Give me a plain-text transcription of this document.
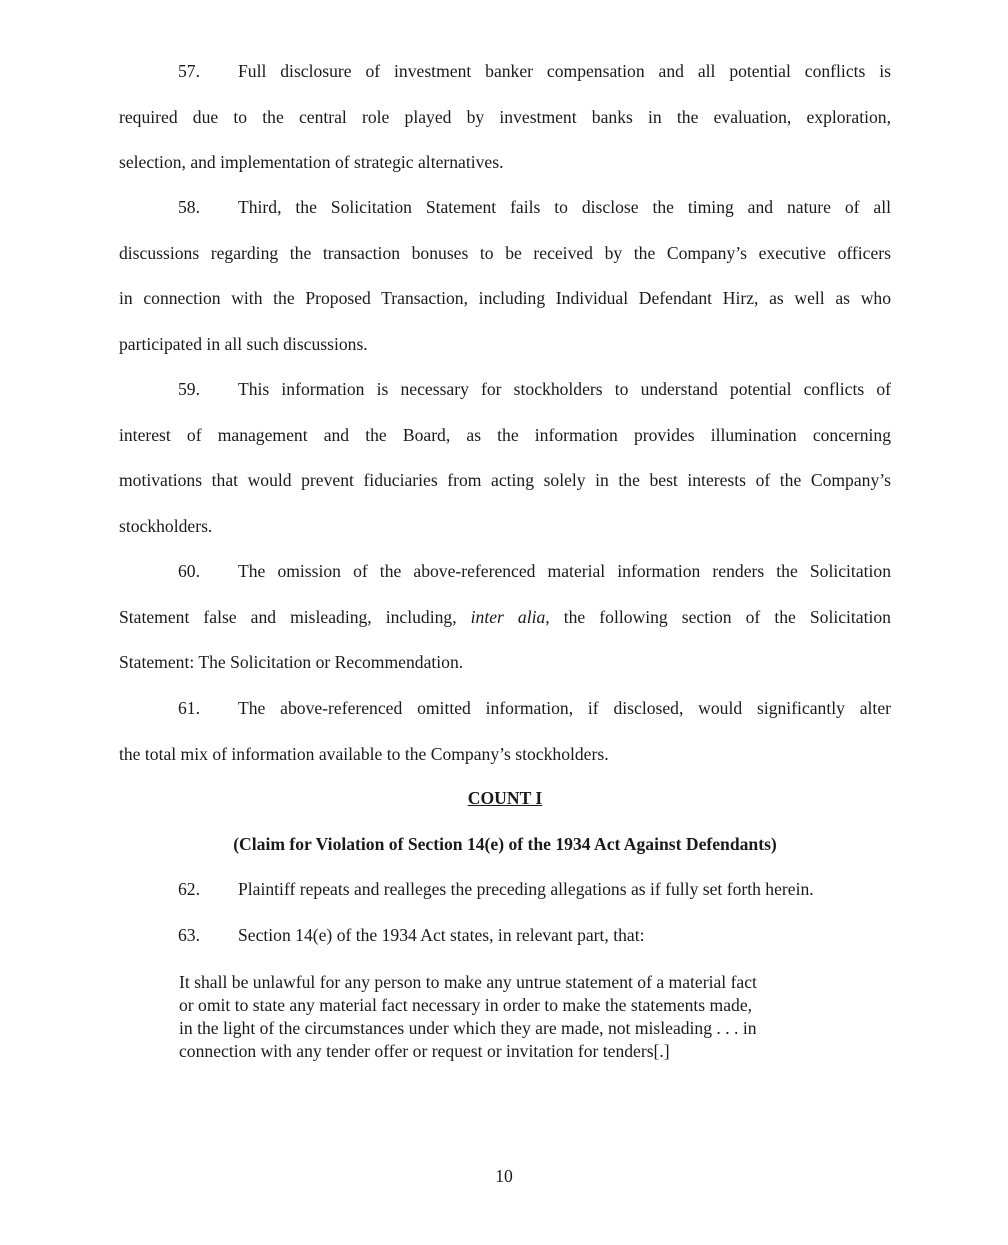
57. Full disclosure of investment banker compensation and all potential conflicts is
required due to the central role played by investment banks in the evaluation, exploration,
selection, and implementation of strategic alternatives.
58. Third, the Solicitation Statement fails to disclose the timing and nature of all
discussions regarding the transaction bonuses to be received by the Company’s executive officers
in connection with the Proposed Transaction, including Individual Defendant Hirz, as well as who
participated in all such discussions.
59. This information is necessary for stockholders to understand potential conflicts of
interest of management and the Board, as the information provides illumination concerning
motivations that would prevent fiduciaries from acting solely in the best interests of the Company’s
stockholders.
60. The omission of the above-referenced material information renders the Solicitation
Statement false and misleading, including, inter alia, the following section of the Solicitation
Statement: The Solicitation or Recommendation.
61. The above-referenced omitted information, if disclosed, would significantly alter
the total mix of information available to the Company’s stockholders.

COUNT I

(Claim for Violation of Section 14(e) of the 1934 Act Against Defendants)

62. Plaintiff repeats and realleges the preceding allegations as if fully set forth herein.
63. Section 14(e) of the 1934 Act states, in relevant part, that:
It shall be unlawful for any person to make any untrue statement of a material fact
or omit to state any material fact necessary in order to make the statements made,
in the light of the circumstances under which they are made, not misleading . . . in
connection with any tender offer or request or invitation for tenders[.]

10
